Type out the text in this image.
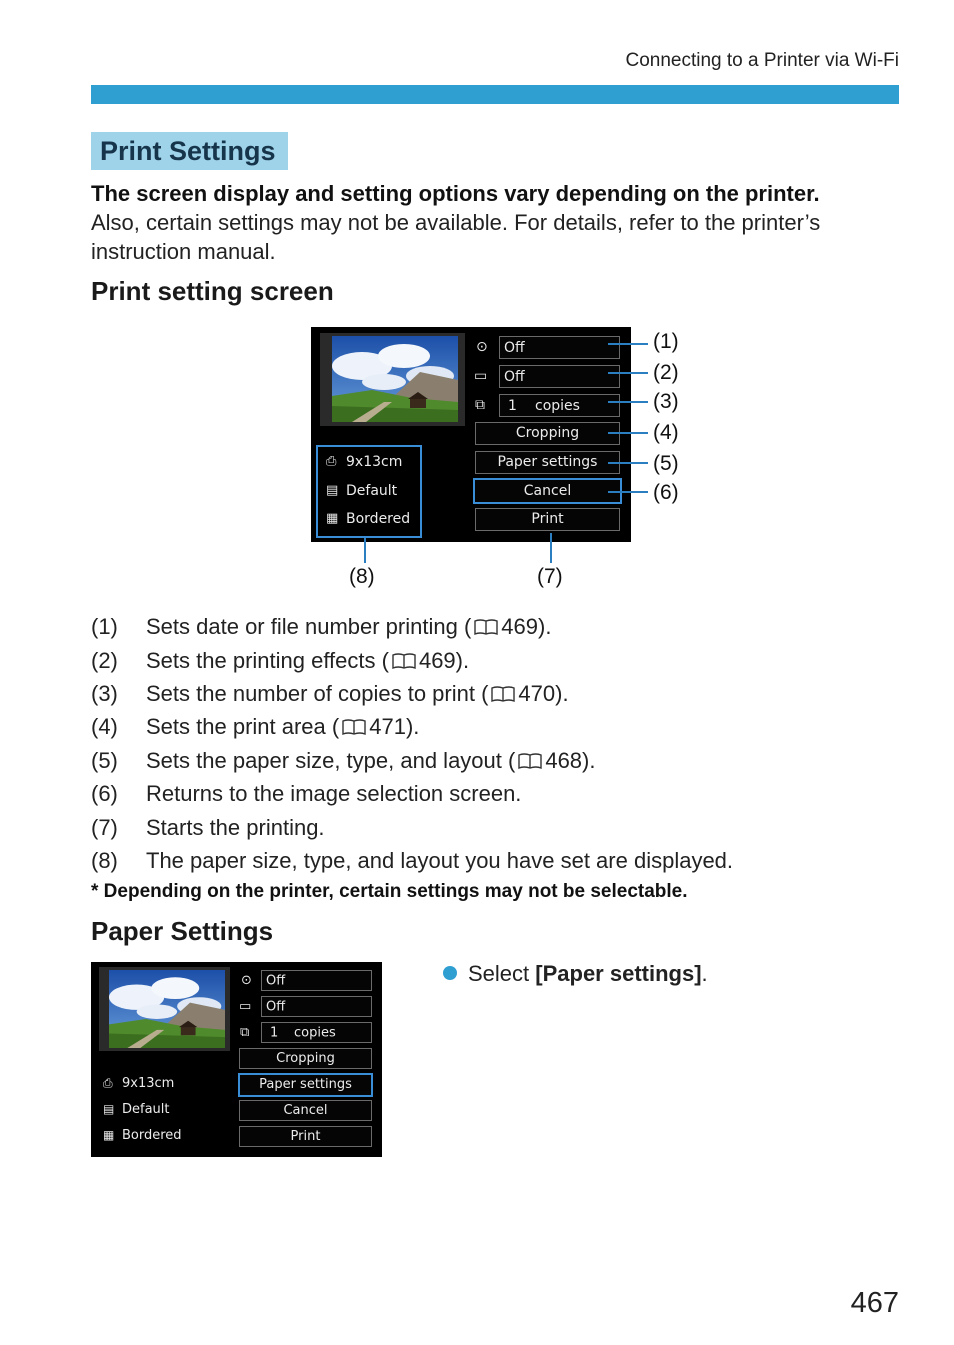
Connecting to a Printer via Wi-Fi
Print Settings
The screen display and setting options vary depending on the printer.
Also, certain settings may not be available. For details, refer to the printer’s
instruction manual.
Print setting screen
⊙ Off
▭ Off
⧉ 1 copies
Cropping
Paper settings
Cancel
Print
⎙ 9x13cm
▤ Default
▦ Bordered
(1)
(2)
(3)
(4)
(5)
(6)
(7)
(8)
(1) Sets date or file number printing ( 469).
(2) Sets the printing effects ( 469).
(3) Sets the number of copies to print ( 470).
(4) Sets the print area ( 471).
(5) Sets the paper size, type, and layout ( 468).
(6) Returns to the image selection screen.
(7) Starts the printing.
(8) The paper size, type, and layout you have set are displayed.
* Depending on the printer, certain settings may not be selectable.
Paper Settings
⊙ Off
▭ Off
⧉ 1 copies
Cropping
Paper settings
Cancel
Print
⎙ 9x13cm
▤ Default
▦ Bordered
Select [Paper settings].
467
